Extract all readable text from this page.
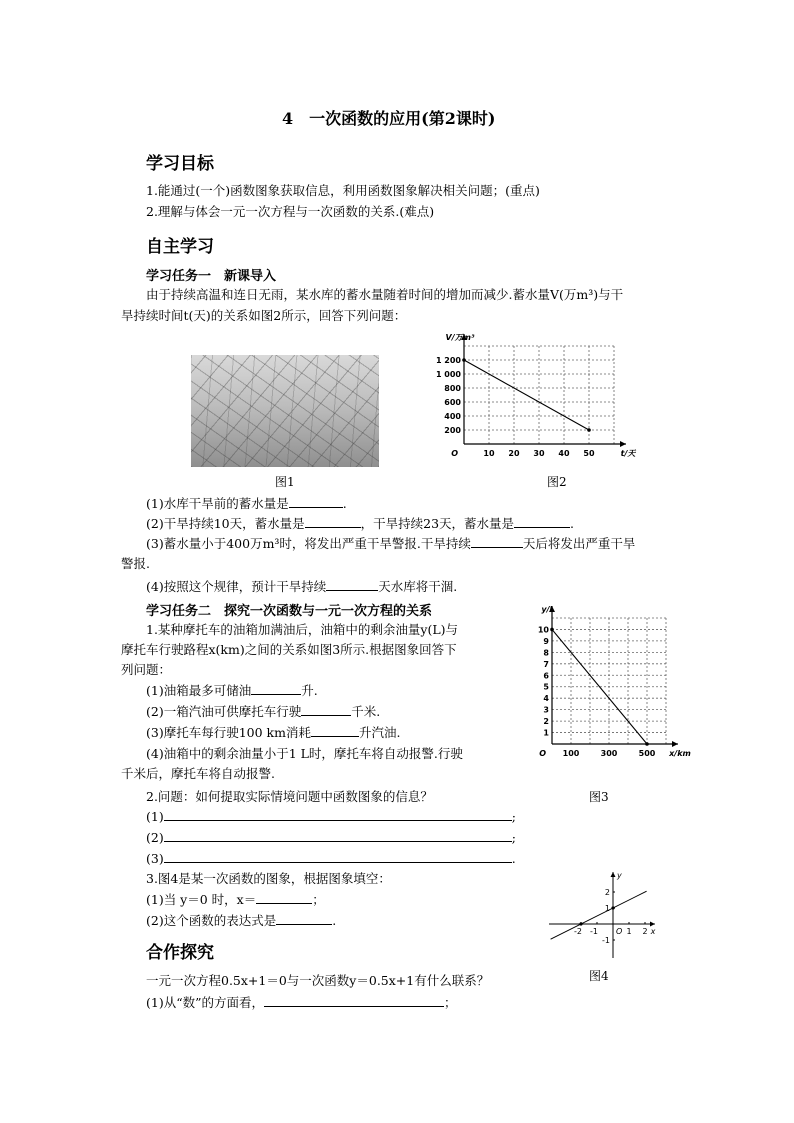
4　一次函数的应用(第2课时)
学习目标
1.能通过(一个)函数图象获取信息，利用函数图象解决相关问题；(重点)
2.理解与体会一元一次方程与一次函数的关系.(难点)
自主学习
学习任务一　新课导入
由于持续高温和连日无雨，某水库的蓄水量随着时间的增加而减少.蓄水量V(万m³)与干
旱持续时间t(天)的关系如图2所示，回答下列问题：
图1
10 20 30 40 50
200
400
600
800
1 000
1 200
O	t/天
V/万m³
图2
(1)水库干旱前的蓄水量是	.
(2)干旱持续10天，蓄水量是	，干旱持续23天，蓄水量是	.
(3)蓄水量小于400万m³时，将发出严重干旱警报.干旱持续	天后将发出严重干旱
警报.
(4)按照这个规律，预计干旱持续	天水库将干涸.
学习任务二　探究一次函数与一元一次方程的关系
1.某种摩托车的油箱加满油后，油箱中的剩余油量y(L)与
摩托车行驶路程x(km)之间的关系如图3所示.根据图象回答下
列问题：
(1)油箱最多可储油	升.
(2)一箱汽油可供摩托车行驶	千米.
(3)摩托车每行驶100 km消耗	升汽油.
(4)油箱中的剩余油量小于1 L时，摩托车将自动报警.行驶
千米后，摩托车将自动报警.
100	300	500
1
2
3
4
5
6
7
8
9
10
O	x/km
y/L
图3
2.问题：如何提取实际情境问题中函数图象的信息？
(1)	;
(2)	;
(3)	.
3.图4是某一次函数的图象，根据图象填空：
(1)当 y＝0 时，x＝	；
(2)这个函数的表达式是	.
-2 -1	1 2
2
1
-1
O	x
y
图4
合作探究
一元一次方程0.5x+1＝0与一次函数y＝0.5x+1有什么联系？
(1)从“数”的方面看，	；
